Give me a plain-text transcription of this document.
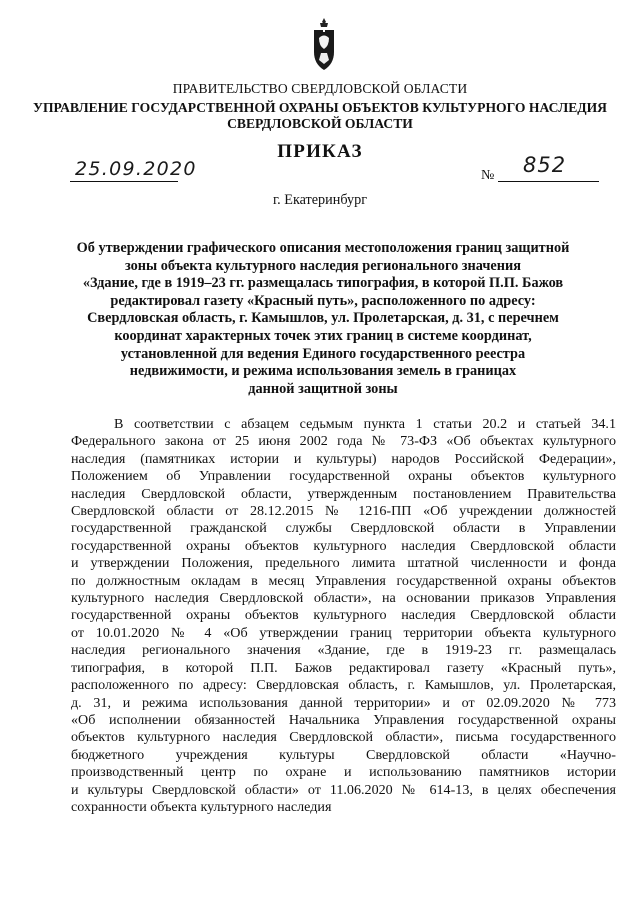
ПРАВИТЕЛЬСТВО СВЕРДЛОВСКОЙ ОБЛАСТИ
УПРАВЛЕНИЕ ГОСУДАРСТВЕННОЙ ОХРАНЫ ОБЪЕКТОВ КУЛЬТУРНОГО НАСЛЕДИЯ
СВЕРДЛОВСКОЙ ОБЛАСТИ
ПРИКАЗ
25.09.2020	№ 852
г. Екатеринбург
Об утверждении графического описания местоположения границ защитной
зоны объекта культурного наследия регионального значения
«Здание, где в 1919–23 гг. размещалась типография, в которой П.П. Бажов
редактировал газету «Красный путь», расположенного по адресу:
Свердловская область, г. Камышлов, ул. Пролетарская, д. 31, с перечнем
координат характерных точек этих границ в системе координат,
установленной для ведения Единого государственного реестра
недвижимости, и режима использования земель в границах
данной защитной зоны
В соответствии с абзацем седьмым пункта 1 статьи 20.2 и статьей 34.1
Федерального закона от 25 июня 2002 года № 73-ФЗ «Об объектах культурного
наследия (памятниках истории и культуры) народов Российской Федерации»,
Положением об Управлении государственной охраны объектов культурного
наследия Свердловской области, утвержденным постановлением Правительства
Свердловской области от 28.12.2015 № 1216-ПП «Об учреждении должностей
государственной гражданской службы Свердловской области в Управлении
государственной охраны объектов культурного наследия Свердловской области
и утверждении Положения, предельного лимита штатной численности и фонда
по должностным окладам в месяц Управления государственной охраны объектов
культурного наследия Свердловской области», на основании приказов Управления
государственной охраны объектов культурного наследия Свердловской области
от 10.01.2020 № 4 «Об утверждении границ территории объекта культурного
наследия регионального значения «Здание, где в 1919-23 гг. размещалась
типография, в которой П.П. Бажов редактировал газету «Красный путь»,
расположенного по адресу: Свердловская область, г. Камышлов, ул. Пролетарская,
д. 31, и режима использования данной территории» и от 02.09.2020 № 773
«Об исполнении обязанностей Начальника Управления государственной охраны
объектов культурного наследия Свердловской области», письма государственного
бюджетного учреждения культуры Свердловской области «Научно-
производственный центр по охране и использованию памятников истории
и культуры Свердловской области» от 11.06.2020 № 614-13, в целях обеспечения
сохранности объекта культурного наследия
